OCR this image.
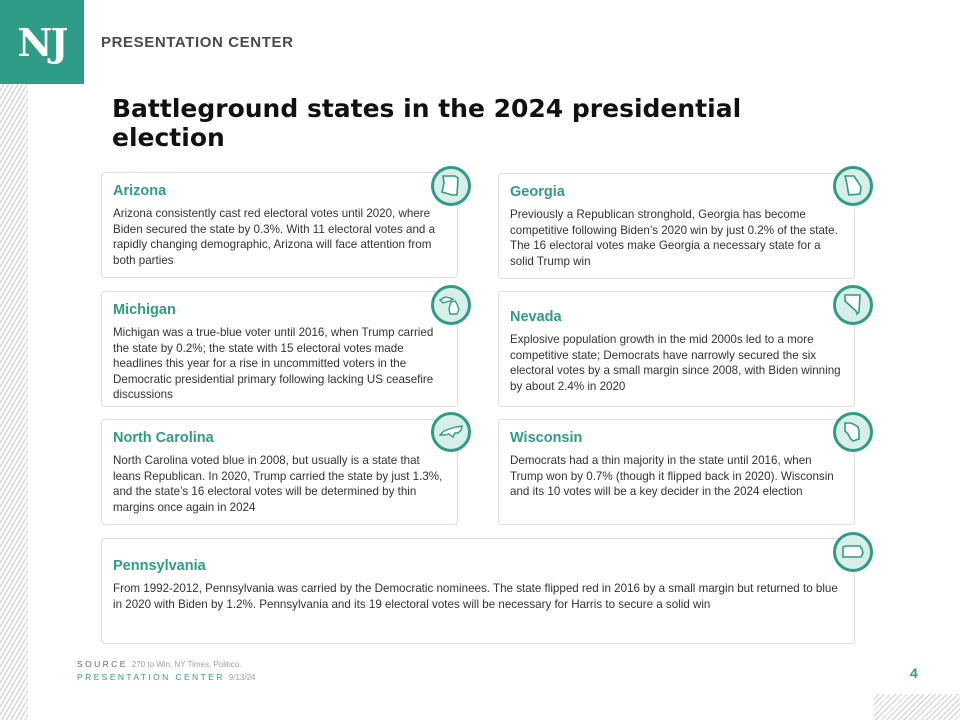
NJ PRESENTATION CENTER
Battleground states in the 2024 presidential election
Arizona
Arizona consistently cast red electoral votes until 2020, where Biden secured the state by 0.3%. With 11 electoral votes and a rapidly changing demographic, Arizona will face attention from both parties
Georgia
Previously a Republican stronghold, Georgia has become competitive following Biden’s 2020 win by just 0.2% of the state. The 16 electoral votes make Georgia a necessary state for a solid Trump win
Michigan
Michigan was a true-blue voter until 2016, when Trump carried the state by 0.2%; the state with 15 electoral votes made headlines this year for a rise in uncommitted voters in the Democratic presidential primary following lacking US ceasefire discussions
Nevada
Explosive population growth in the mid 2000s led to a more competitive state; Democrats have narrowly secured the six electoral votes by a small margin since 2008, with Biden winning by about 2.4% in 2020
North Carolina
North Carolina voted blue in 2008, but usually is a state that leans Republican. In 2020, Trump carried the state by just 1.3%, and the state’s 16 electoral votes will be determined by thin margins once again in 2024
Wisconsin
Democrats had a thin majority in the state until 2016, when Trump won by 0.7% (though it flipped back in 2020). Wisconsin and its 10 votes will be a key decider in the 2024 election
Pennsylvania
From 1992-2012, Pennsylvania was carried by the Democratic nominees. The state flipped red in 2016 by a small margin but returned to blue in 2020 with Biden by 1.2%. Pennsylvania and its 19 electoral votes will be necessary for Harris to secure a solid win
SOURCE 270 to Win, NY Times, Politico.
PRESENTATION CENTER 9/13/24	4
